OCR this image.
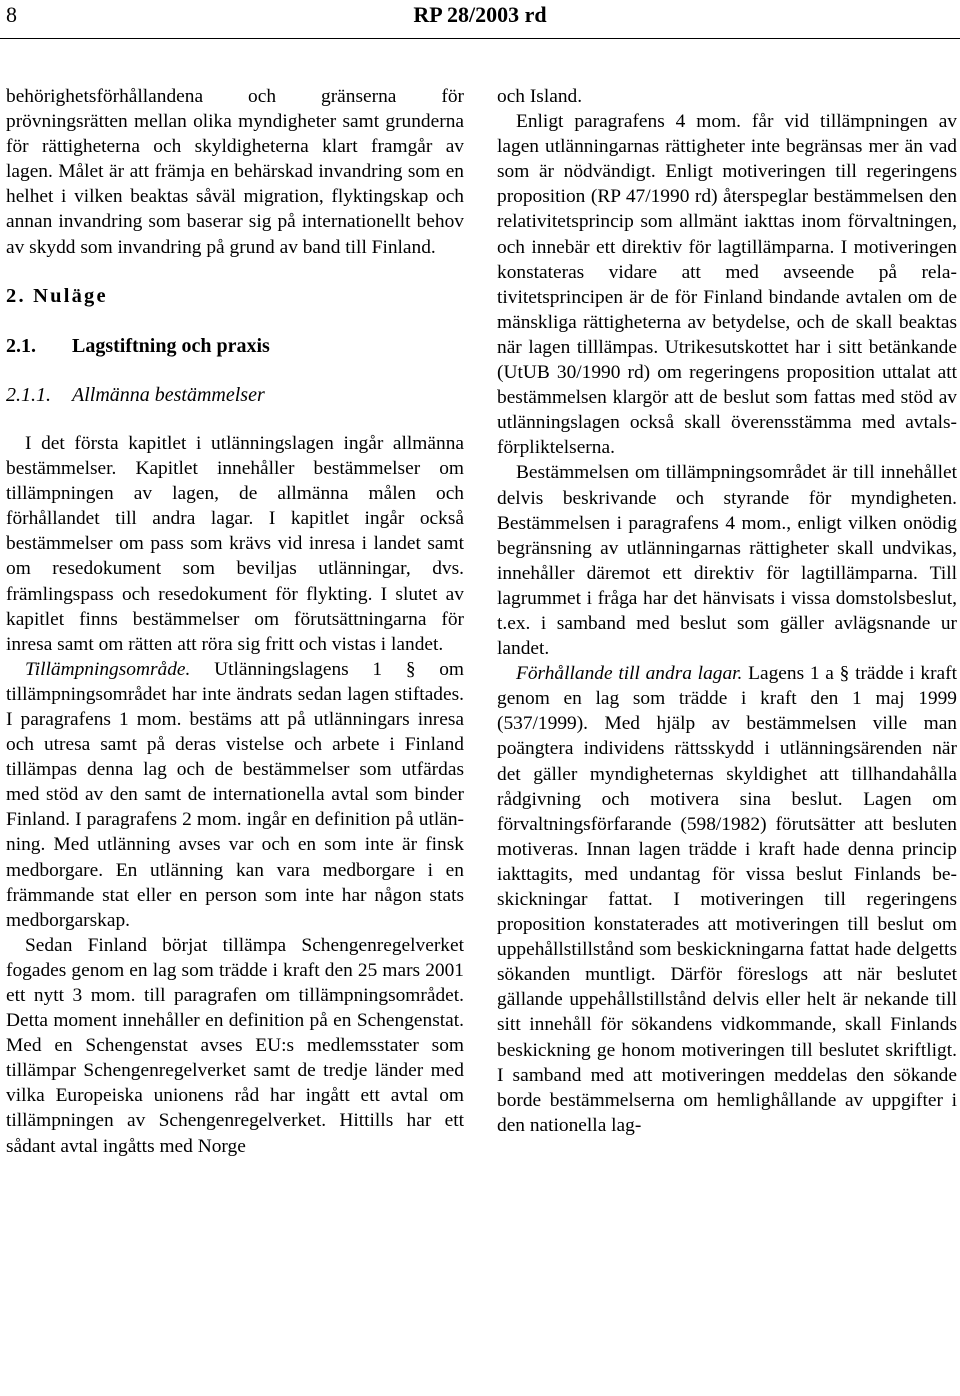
8	RP 28/2003 rd

behörighetsförhållandena och gränserna för prövningsrätten mellan olika myndigheter samt grunderna för rättigheterna och skyldigheterna klart framgår av lagen. Målet är att främja en behärskad invandring som en helhet i vilken beaktas såväl migration, flyktingskap och annan invandring som baserar sig på internationellt behov av skydd som invandring på grund av band till Finland.

2. Nuläge

2.1. Lagstiftning och praxis

2.1.1. Allmänna bestämmelser

I det första kapitlet i utlänningslagen ingår allmänna bestämmelser. Kapitlet innehåller bestämmelser om tillämpningen av lagen, de allmänna målen och förhållandet till andra lagar. I kapitlet ingår också bestämmelser om pass som krävs vid inresa i landet samt om resedokument som beviljas utlänningar, dvs. främlingspass och resedokument för flykting. I slutet av kapitlet finns bestämmelser om förutsättningarna för inresa samt om rätten att röra sig fritt och vistas i landet.

Tillämpningsområde. Utlänningslagens 1 § om tillämpningsområdet har inte ändrats sedan lagen stiftades. I paragrafens 1 mom. bestäms att på utlänningars inresa och utresa samt på deras vistelse och arbete i Finland tillämpas denna lag och de bestämmelser som utfärdas med stöd av den samt de internationella avtal som binder Finland. I paragrafens 2 mom. ingår en definition på utlänning. Med utlänning avses var och en som inte är finsk medborgare. En utlänning kan vara medborgare i en främmande stat eller en person som inte har någon stats medborgarskap.

Sedan Finland börjat tillämpa Schengenregelverket fogades genom en lag som trädde i kraft den 25 mars 2001 ett nytt 3 mom. till paragrafen om tillämpningsområdet. Detta moment innehåller en definition på en Schengenstat. Med en Schengenstat avses EU:s medlemsstater som tillämpar Schengenregelverket samt de tredje länder med vilka Europeiska unionens råd har ingått ett avtal om tillämpningen av Schengenregelverket. Hittills har ett sådant avtal ingåtts med Norge

och Island.

Enligt paragrafens 4 mom. får vid tillämpningen av lagen utlänningarnas rättigheter inte begränsas mer än vad som är nödvändigt. Enligt motiveringen till regeringens proposition (RP 47/1990 rd) återspeglar bestämmelsen den relativitetsprincip som allmänt iakttas inom förvaltningen, och innebär ett direktiv för lagtillämparna. I motiveringen konstateras vidare att med avseende på relativitetsprincipen är de för Finland bindande avtalen om de mänskliga rättigheterna av betydelse, och de skall beaktas när lagen tilllämpas. Utrikesutskottet har i sitt betänkande (UtUB 30/1990 rd) om regeringens proposition uttalat att bestämmelsen klargör att de beslut som fattas med stöd av utlänningslagen också skall överensstämma med avtalsförpliktelserna.

Bestämmelsen om tillämpningsområdet är till innehållet delvis beskrivande och styrande för myndigheten. Bestämmelsen i paragrafens 4 mom., enligt vilken onödig begränsning av utlänningarnas rättigheter skall undvikas, innehåller däremot ett direktiv för lagtillämparna. Till lagrummet i fråga har det hänvisats i vissa domstolsbeslut, t.ex. i samband med beslut som gäller avlägsnande ur landet.

Förhållande till andra lagar. Lagens 1 a § trädde i kraft genom en lag som trädde i kraft den 1 maj 1999 (537/1999). Med hjälp av bestämmelsen ville man poängtera individens rättsskydd i utlänningsärenden när det gäller myndigheternas skyldighet att tillhandahålla rådgivning och motivera sina beslut. Lagen om förvaltningsförfarande (598/1982) förutsätter att besluten motiveras. Innan lagen trädde i kraft hade denna princip iakttagits, med undantag för vissa beslut Finlands beskickningar fattat. I motiveringen till regeringens proposition konstaterades att motiveringen till beslut om uppehållstillstånd som beskickningarna fattat hade delgetts sökanden muntligt. Därför föreslogs att när beslutet gällande uppehållstillstånd delvis eller helt är nekande till sitt innehåll för sökandens vidkommande, skall Finlands beskickning ge honom motiveringen till beslutet skriftligt. I samband med att motiveringen meddelas den sökande borde bestämmelserna om hemlighållande av uppgifter i den nationella lag-
